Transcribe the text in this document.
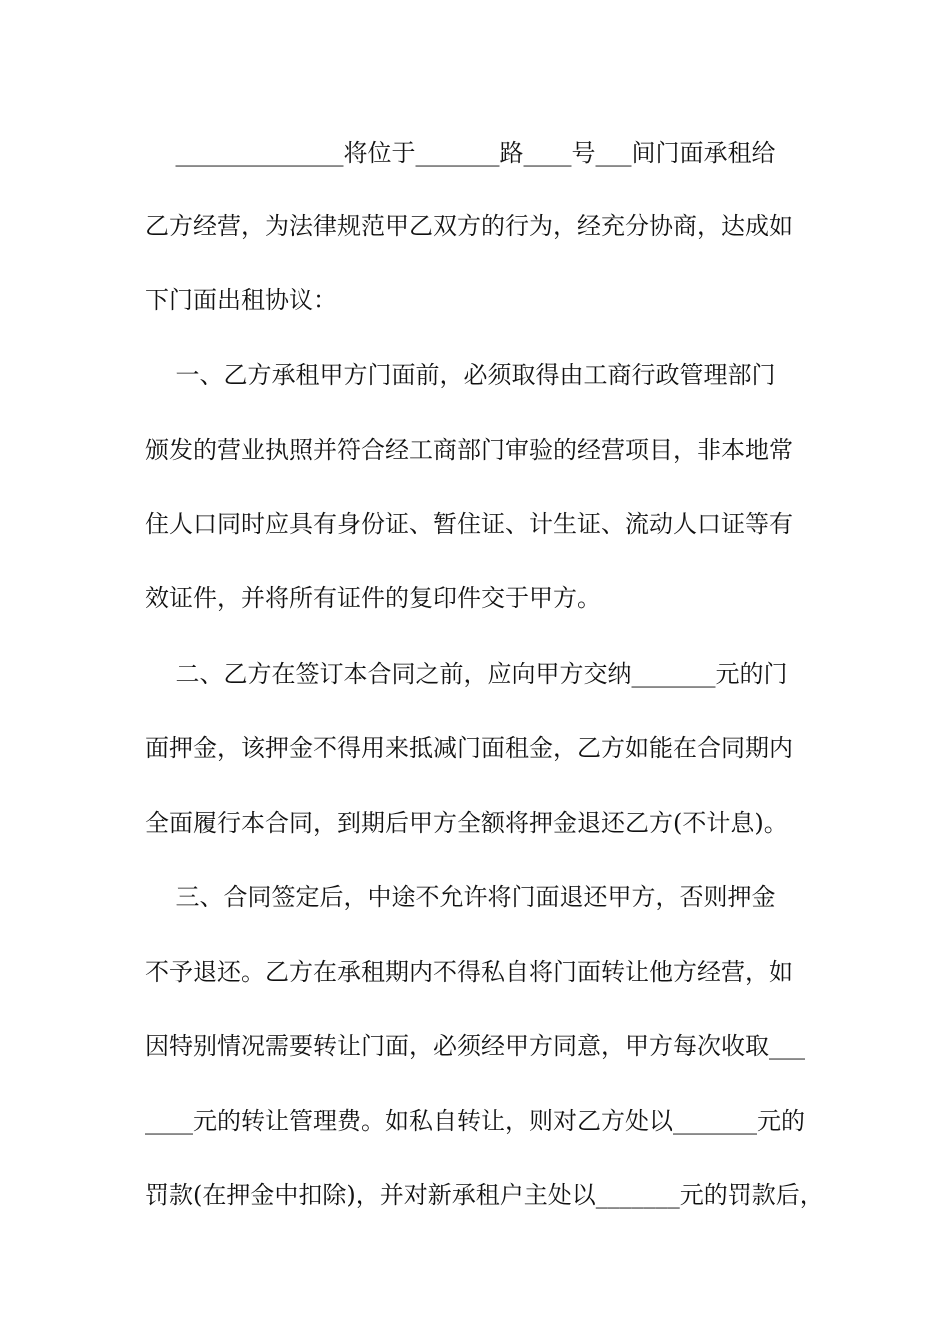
______________将位于_______路____号___间门面承租给
乙方经营，为法律规范甲乙双方的行为，经充分协商，达成如
下门面出租协议：
一、乙方承租甲方门面前，必须取得由工商行政管理部门
颁发的营业执照并符合经工商部门审验的经营项目，非本地常
住人口同时应具有身份证、暂住证、计生证、流动人口证等有
效证件，并将所有证件的复印件交于甲方。
二、乙方在签订本合同之前，应向甲方交纳_______元的门
面押金，该押金不得用来抵减门面租金，乙方如能在合同期内
全面履行本合同，到期后甲方全额将押金退还乙方(不计息)。
三、合同签定后，中途不允许将门面退还甲方，否则押金
不予退还。乙方在承租期内不得私自将门面转让他方经营，如
因特别情况需要转让门面，必须经甲方同意，甲方每次收取___
____元的转让管理费。如私自转让，则对乙方处以_______元的
罚款(在押金中扣除)，并对新承租户主处以_______元的罚款后，
